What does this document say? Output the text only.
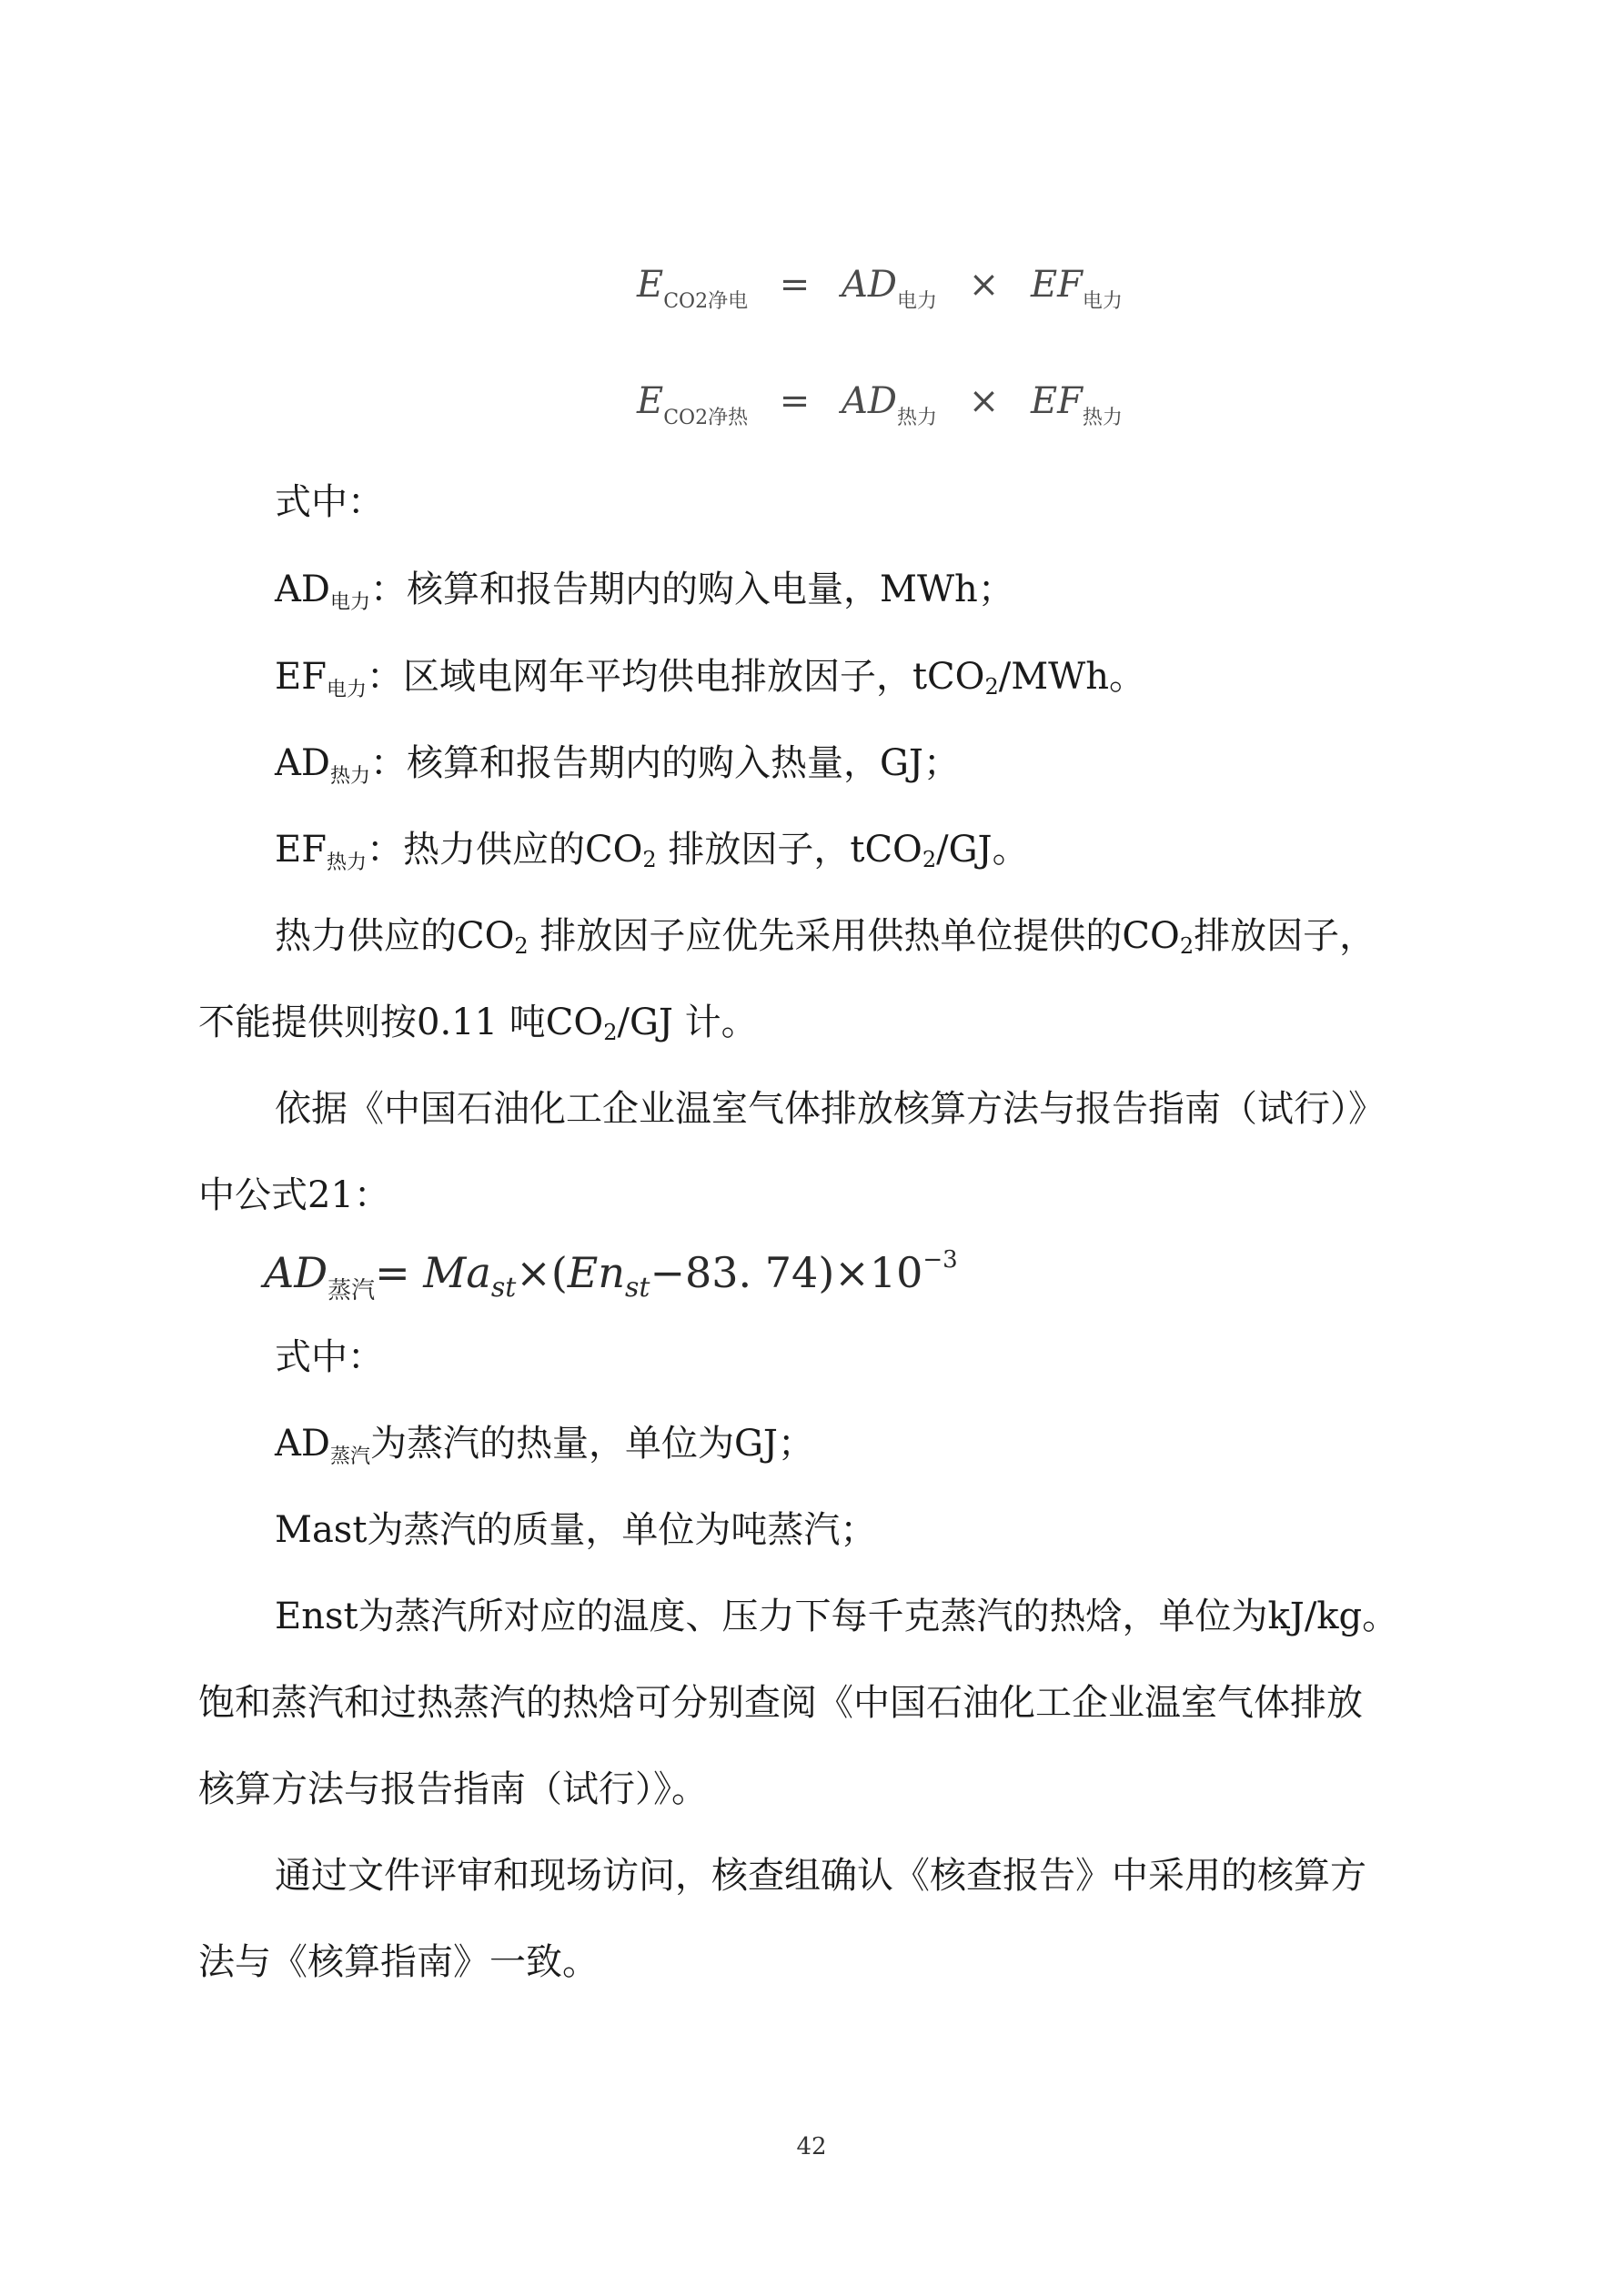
$E_{CO2净电} = AD_{电力} \times EF_{电力}$
$E_{CO2净热} = AD_{热力} \times EF_{热力}$
式中：
$AD_{电力}$：核算和报告期内的购入电量，MWh；
$EF_{电力}$：区域电网年平均供电排放因子，tCO2/MWh。
$AD_{热力}$：核算和报告期内的购入热量，GJ；
$EF_{热力}$：热力供应的CO2 排放因子，tCO2/GJ。
热力供应的CO2 排放因子应优先采用供热单位提供的CO2排放因子，
不能提供则按0.11 吨CO2/GJ 计。
依据《中国石油化工企业温室气体排放核算方法与报告指南（试行）》
中公式21：
$AD_{蒸汽}= Ma_{st}\times(En_{st}-83$. $74)\times 10^{-3}$
式中：
$AD_{蒸汽}$为蒸汽的热量，单位为GJ；
Mast为蒸汽的质量，单位为吨蒸汽；
Enst为蒸汽所对应的温度、压力下每千克蒸汽的热焓，单位为kJ/kg。
饱和蒸汽和过热蒸汽的热焓可分别查阅《中国石油化工企业温室气体排放
核算方法与报告指南（试行）》。
通过文件评审和现场访问，核查组确认《核查报告》中采用的核算方
法与《核算指南》一致。
42
